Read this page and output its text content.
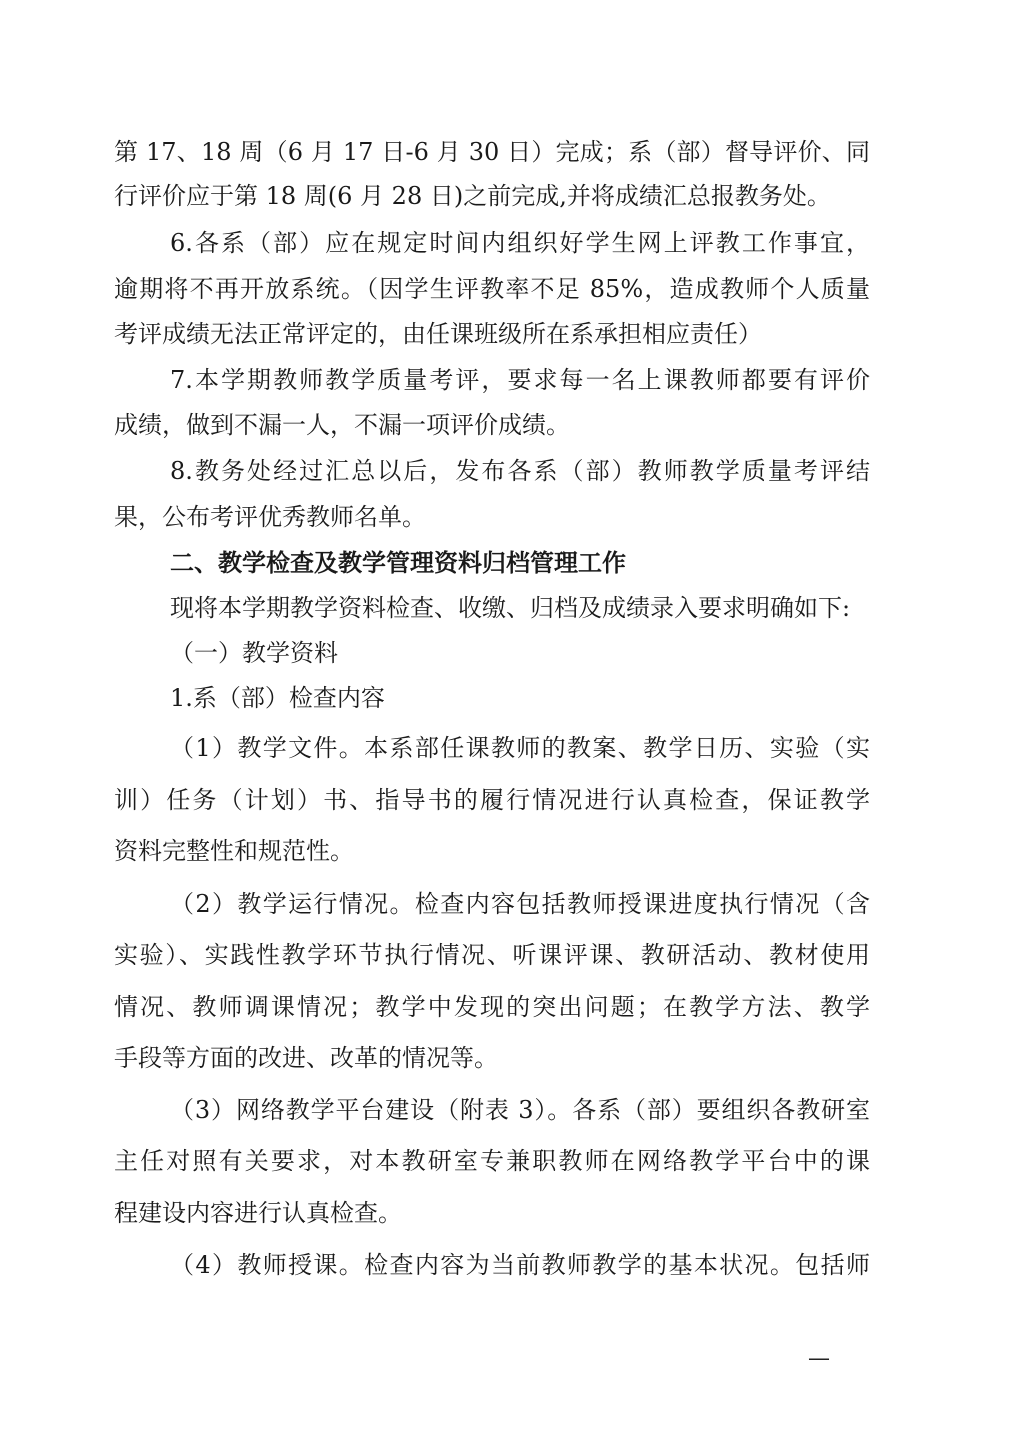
第 17、18 周（6 月 17 日-6 月 30 日）完成；系（部）督导评价、同
行评价应于第 18 周(6 月 28 日)之前完成,并将成绩汇总报教务处。
6.各系（部）应在规定时间内组织好学生网上评教工作事宜，
逾期将不再开放系统。（因学生评教率不足 85%，造成教师个人质量
考评成绩无法正常评定的，由任课班级所在系承担相应责任）
7.本学期教师教学质量考评，要求每一名上课教师都要有评价
成绩，做到不漏一人，不漏一项评价成绩。
8.教务处经过汇总以后，发布各系（部）教师教学质量考评结
果，公布考评优秀教师名单。
二、教学检查及教学管理资料归档管理工作
现将本学期教学资料检查、收缴、归档及成绩录入要求明确如下:
（一）教学资料
1.系（部）检查内容
（1）教学文件。本系部任课教师的教案、教学日历、实验（实
训）任务（计划）书、指导书的履行情况进行认真检查，保证教学
资料完整性和规范性。
（2）教学运行情况。检查内容包括教师授课进度执行情况（含
实验）、实践性教学环节执行情况、听课评课、教研活动、教材使用
情况、教师调课情况；教学中发现的突出问题；在教学方法、教学
手段等方面的改进、改革的情况等。
（3）网络教学平台建设（附表 3）。各系（部）要组织各教研室
主任对照有关要求，对本教研室专兼职教师在网络教学平台中的课
程建设内容进行认真检查。
（4）教师授课。检查内容为当前教师教学的基本状况。包括师
—
